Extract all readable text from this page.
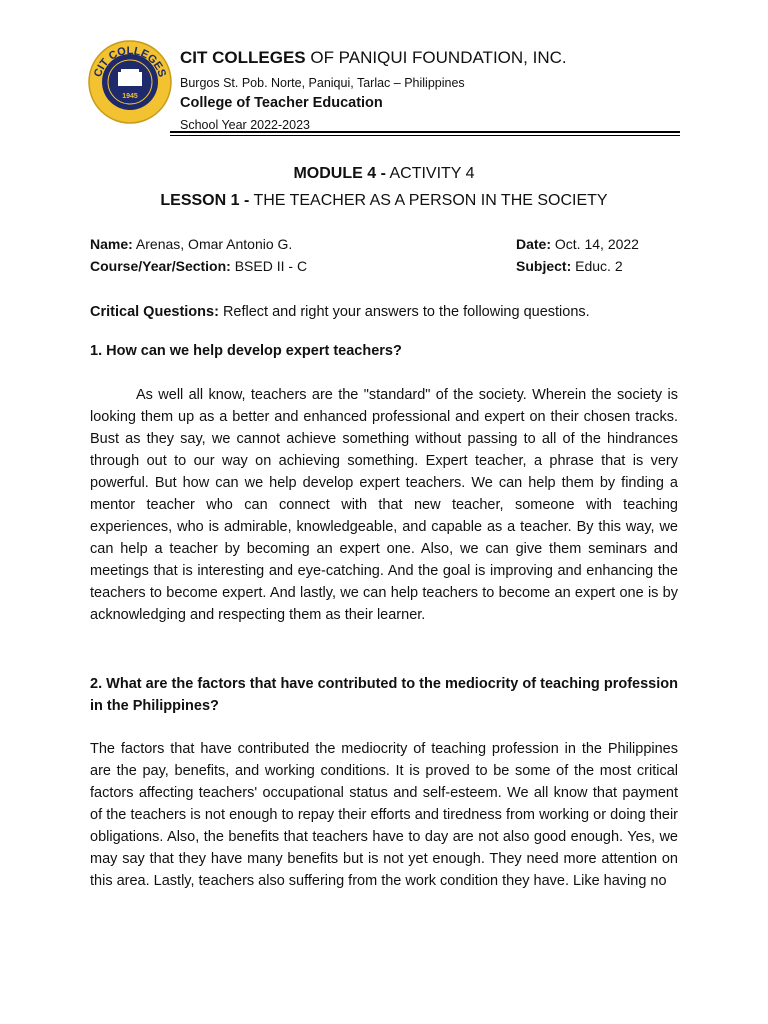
CIT COLLEGES
PHILIPPINES
1945
CIT COLLEGES OF PANIQUI FOUNDATION, INC.
Burgos St. Pob. Norte, Paniqui, Tarlac – Philippines
College of Teacher Education
School Year 2022-2023
MODULE 4 - ACTIVITY 4
LESSON 1 - THE TEACHER AS A PERSON IN THE SOCIETY
Name: Arenas, Omar Antonio G.
Course/Year/Section: BSED II - C
Date: Oct. 14, 2022
Subject: Educ. 2
Critical Questions: Reflect and right your answers to the following questions.
1. How can we help develop expert teachers?
As well all know, teachers are the "standard" of the society. Wherein the society is looking them up as a better and enhanced professional and expert on their chosen tracks. Bust as they say, we cannot achieve something without passing to all of the hindrances through out to our way on achieving something. Expert teacher, a phrase that is very powerful. But how can we help develop expert teachers. We can help them by finding a mentor teacher who can connect with that new teacher, someone with teaching experiences, who is admirable, knowledgeable, and capable as a teacher. By this way, we can help a teacher by becoming an expert one. Also, we can give them seminars and meetings that is interesting and eye-catching. And the goal is improving and enhancing the teachers to become expert. And lastly, we can help teachers to become an expert one is by acknowledging and respecting them as their learner.
2. What are the factors that have contributed to the mediocrity of teaching profession in the Philippines?
The factors that have contributed the mediocrity of teaching profession in the Philippines are the pay, benefits, and working conditions. It is proved to be some of the most critical factors affecting teachers' occupational status and self-esteem. We all know that payment of the teachers is not enough to repay their efforts and tiredness from working or doing their obligations. Also, the benefits that teachers have to day are not also good enough. Yes, we may say that they have many benefits but is not yet enough. They need more attention on this area. Lastly, teachers also suffering from the work condition they have. Like having no
